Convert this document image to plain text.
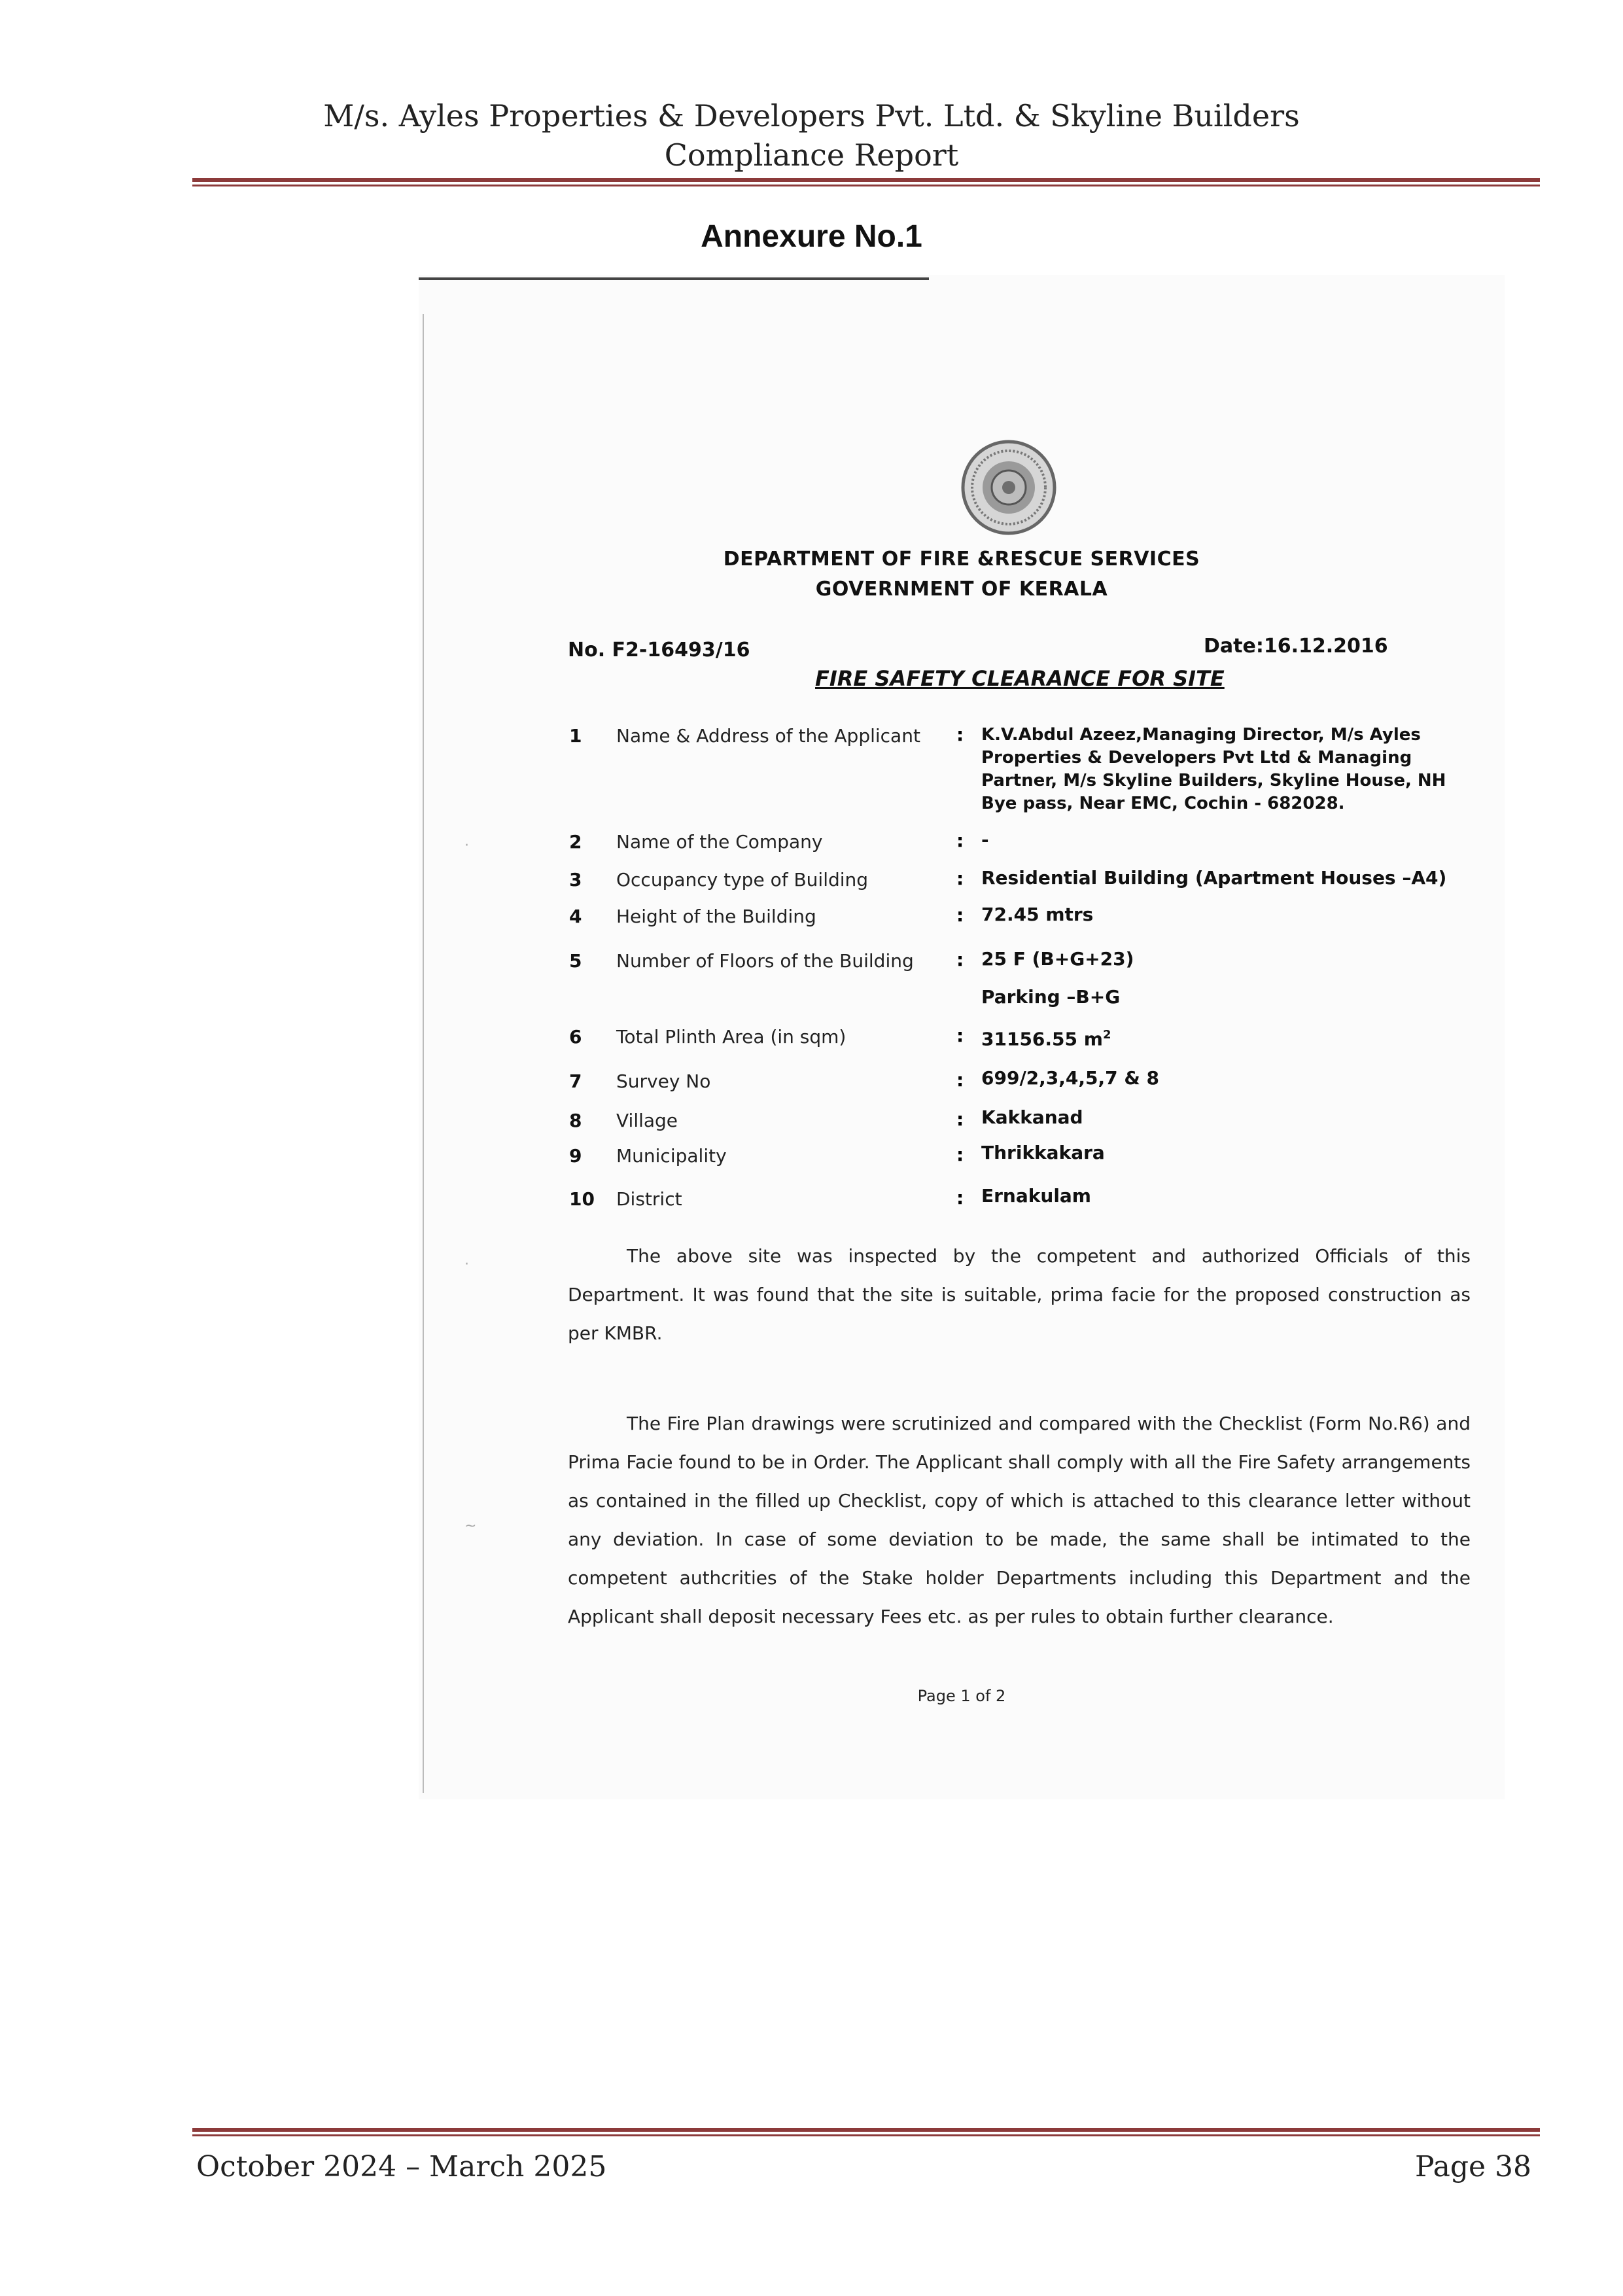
M/s. Ayles Properties & Developers Pvt. Ltd. & Skyline Builders
Compliance Report
Annexure No.1
·
·
~
DEPARTMENT OF FIRE &RESCUE SERVICES
GOVERNMENT OF KERALA
No. F2-16493/16	Date:16.12.2016
FIRE SAFETY CLEARANCE FOR SITE
1	Name & Address of the Applicant	: K.V.Abdul Azeez,Managing Director, M/s Ayles Properties & Developers Pvt Ltd & Managing Partner, M/s Skyline Builders, Skyline House, NH Bye pass, Near EMC, Cochin - 682028.
2	Name of the Company	: -
3	Occupancy type of Building	: Residential Building (Apartment Houses –A4)
4	Height of the Building	: 72.45 mtrs
5	Number of Floors of the Building	: 25 F (B+G+23)
Parking –B+G
6	Total Plinth Area (in sqm)	: 31156.55 $m^2$
7	Survey No	: 699/2,3,4,5,7 & 8
8	Village	: Kakkanad
9	Municipality	: Thrikkakara
10 District	: Ernakulam
The above site was inspected by the competent and authorized Officials of this Department. It was found that the site is suitable, prima facie for the proposed construction as per KMBR.
The Fire Plan drawings were scrutinized and compared with the Checklist (Form No.R6) and Prima Facie found to be in Order. The Applicant shall comply with all the Fire Safety arrangements as contained in the filled up Checklist, copy of which is attached to this clearance letter without any deviation. In case of some deviation to be made, the same shall be intimated to the competent authcrities of the Stake holder Departments including this Department and the Applicant shall deposit necessary Fees etc. as per rules to obtain further clearance.
Page 1 of 2
October 2024 – March 2025	Page 38
